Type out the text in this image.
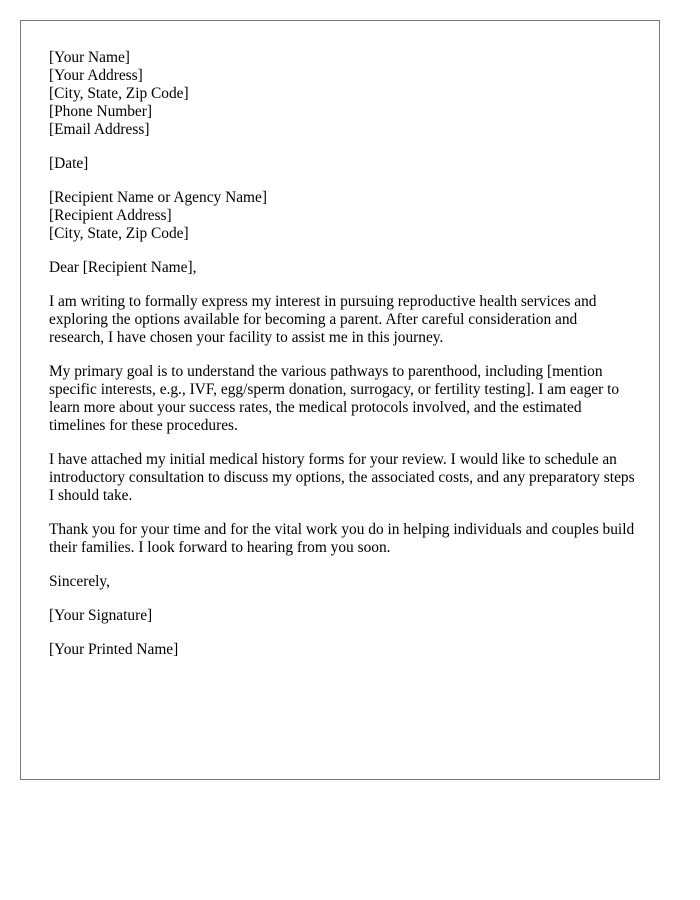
[Your Name]

[Your Address]

[City, State, Zip Code]

[Phone Number]

[Email Address]

[Date]

[Recipient Name or Agency Name]

[Recipient Address]

[City, State, Zip Code]

Dear [Recipient Name],

I am writing to formally express my interest in pursuing reproductive health services and exploring the options available for becoming a parent. After careful consideration and research, I have chosen your facility to assist me in this journey.

My primary goal is to understand the various pathways to parenthood, including [mention specific interests, e.g., IVF, egg/sperm donation, surrogacy, or fertility testing]. I am eager to learn more about your success rates, the medical protocols involved, and the estimated timelines for these procedures.

I have attached my initial medical history forms for your review. I would like to schedule an introductory consultation to discuss my options, the associated costs, and any preparatory steps I should take.

Thank you for your time and for the vital work you do in helping individuals and couples build their families. I look forward to hearing from you soon.

Sincerely,

[Your Signature]

[Your Printed Name]
